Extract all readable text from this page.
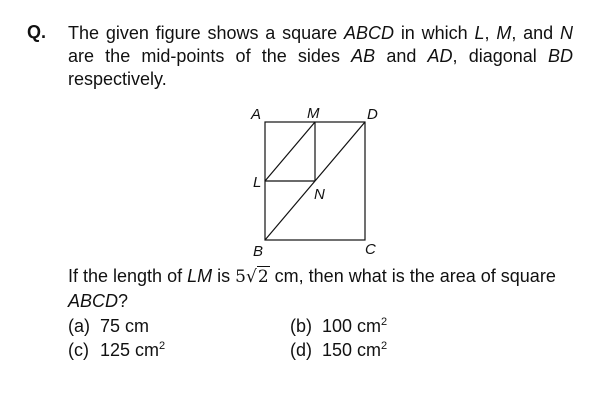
Q. The given figure shows a square ABCD in which L, M, and N
are the mid-points of the sides AB and AD, diagonal BD
respectively.
A	M	D
L
N
B	C
If the length of LM is 5√2 cm, then what is the area of square
ABCD?
(a) 75 cm	(b) 100 $cm^2$
(c) 125 $cm^2$	(d) 150 $cm^2$
